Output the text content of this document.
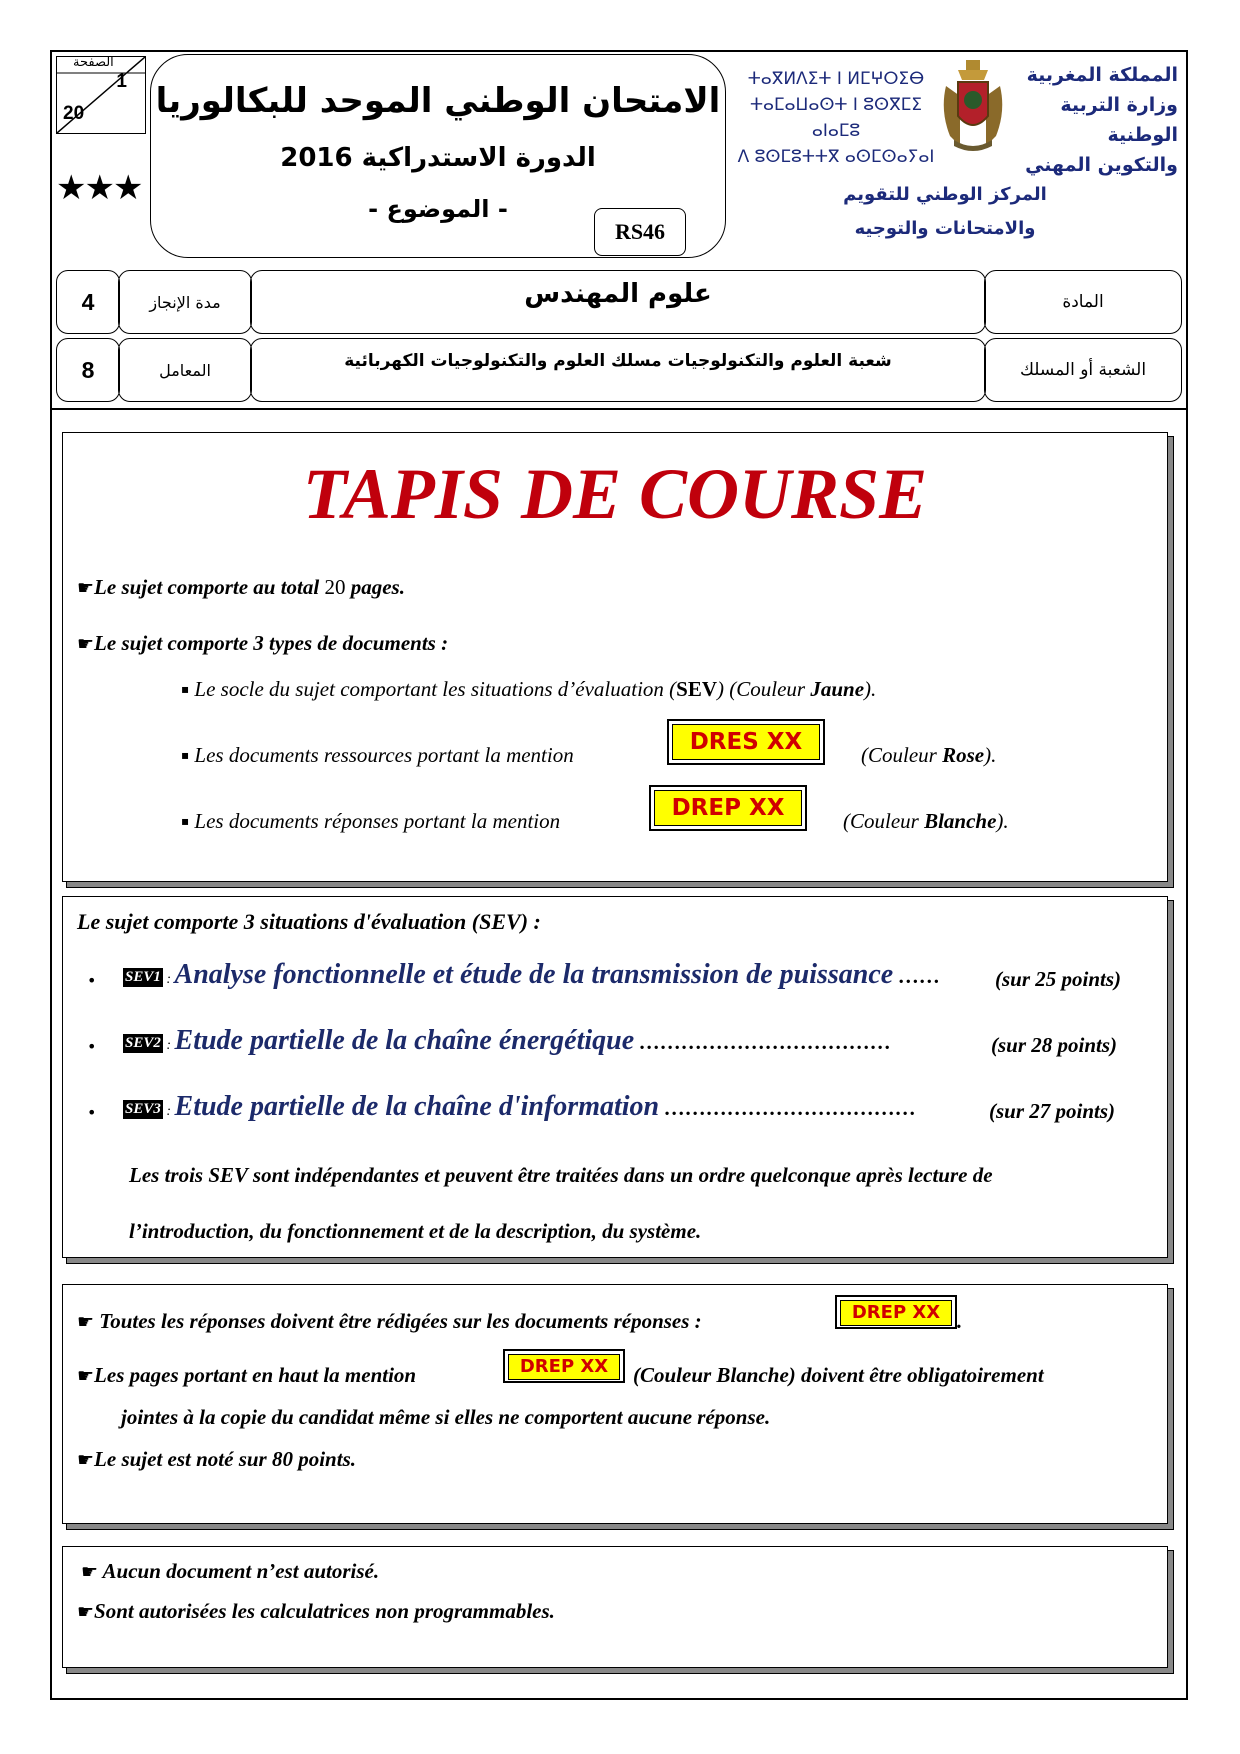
الصفحة
1
20
★★★
الامتحان الوطني الموحد للبكالوريا
الدورة الاستدراكية 2016
- الموضوع -
RS46
ⵜⴰⴳⵍⴷⵉⵜ ⵏ ⵍⵎⵖⵔⵉⴱ
ⵜⴰⵎⴰⵡⴰⵙⵜ ⵏ ⵓⵙⴳⵎⵉ ⴰⵏⴰⵎⵓ
ⴷ ⵓⵙⵎⵓⵜⵜⴳ ⴰⵙⵎⵙⴰⵢⴰⵏ
المملكة المغربية
وزارة التربية الوطنية
والتكوين المهني
المركز الوطني للتقويم
والامتحانات والتوجيه
4	مدة الإنجاز	علوم المهندس	المادة
8	المعامل	شعبة العلوم والتكنولوجيات مسلك العلوم والتكنولوجيات الكهربائية	الشعبة أو المسلك
TAPIS DE COURSE
☛Le sujet comporte au total 20 pages.
☛Le sujet comporte 3 types de documents :
▪ Le socle du sujet comportant les situations d’évaluation (SEV) (Couleur Jaune).
▪ Les documents ressources portant la mention	DRES XX	(Couleur Rose).
▪ Les documents réponses portant la mention	DREP XX	(Couleur Blanche).
Le sujet comporte 3 situations d'évaluation (SEV) :
• SEV1 : Analyse fonctionnelle et étude de la transmission de puissance ……	(sur 25 points)
• SEV2 : Etude partielle de la chaîne énergétique ………………………………	(sur 28 points)
• SEV3 : Etude partielle de la chaîne d'information ………………………………	(sur 27 points)
Les trois SEV sont indépendantes et peuvent être traitées dans un ordre quelconque après lecture de
l’introduction, du fonctionnement et de la description, du système.
☛ Toutes les réponses doivent être rédigées sur les documents réponses :	DREP XX .
☛Les pages portant en haut la mention	DREP XX	(Couleur Blanche) doivent être obligatoirement
jointes à la copie du candidat même si elles ne comportent aucune réponse.
☛Le sujet est noté sur 80 points.
☛ Aucun document n’est autorisé.
☛Sont autorisées les calculatrices non programmables.
